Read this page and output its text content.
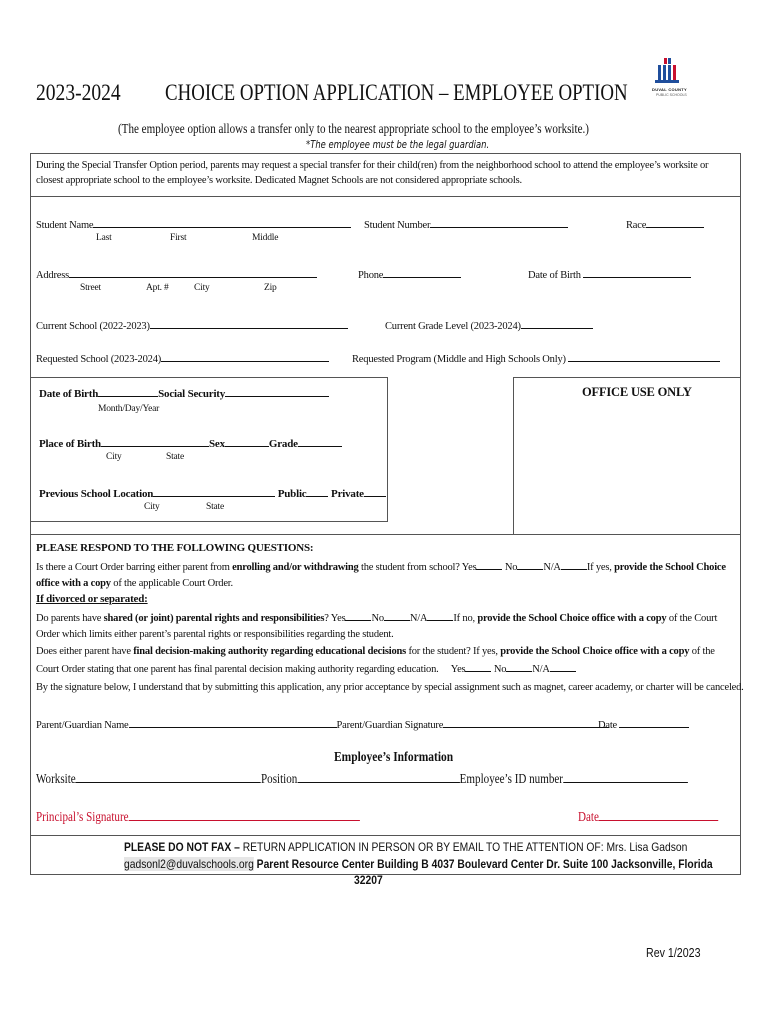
2023-2024 CHOICE OPTION APPLICATION – EMPLOYEE OPTION	DUVAL COUNTY
PUBLIC SCHOOLS
(The employee option allows a transfer only to the nearest appropriate school to the employee’s worksite.)
*The employee must be the legal guardian.
During the Special Transfer Option period, parents may request a special transfer for their child(ren) from the neighborhood school to attend the employee’s worksite or closest appropriate school to the employee’s worksite. Dedicated Magnet Schools are not considered appropriate schools.
Student Name
Last	First	Middle
Student Number	Race
Address
Street	Apt. #	City	Zip
Phone	Date of Birth
Current School (2022-2023)	Current Grade Level (2023-2024)
Requested School (2023-2024)	Requested Program (Middle and High Schools Only)
Date of Birth	Social Security
Month/Day/Year
Place of Birth	Sex	Grade
City	State
Previous School Location	Public Private
City	State
OFFICE USE ONLY
PLEASE RESPOND TO THE FOLLOWING QUESTIONS:
Is there a Court Order barring either parent from enrolling and/or withdrawing the student from school? Yes	No N/A If yes, provide the School Choice office with a copy of the applicable Court Order.
If divorced or separated:
Do parents have shared (or joint) parental rights and responsibilities? Yes No N/A If no, provide the School Choice office with a copy of the Court Order which limits either parent’s parental rights or responsibilities regarding the student.
Does either parent have final decision-making authority regarding educational decisions for the student? If yes, provide the School Choice office with a copy of the Court Order stating that one parent has final parental decision making authority regarding education. Yes	No N/A
By the signature below, I understand that by submitting this application, any prior acceptance by special assignment such as magnet, career academy, or charter will be canceled.
Parent/Guardian Name	Parent/Guardian Signature	Date
Employee’s Information
Worksite	Position	Employee’s ID number
Principal’s Signature	Date
PLEASE DO NOT FAX – RETURN APPLICATION IN PERSON OR BY EMAIL TO THE ATTENTION OF: Mrs. Lisa Gadson
gadsonl2@duvalschools.org Parent Resource Center Building B 4037 Boulevard Center Dr. Suite 100 Jacksonville, Florida
32207
Rev 1/2023
